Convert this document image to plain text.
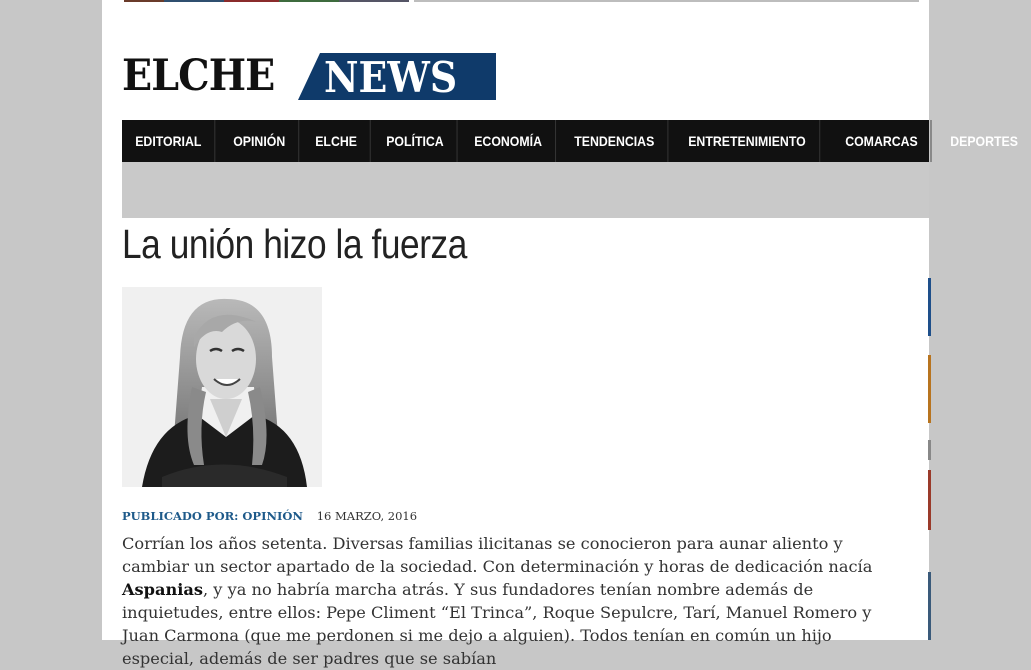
ELCHE NEWS
EDITORIAL	OPINIÓN	ELCHE	POLÍTICA	ECONOMÍA	TENDENCIAS	ENTRETENIMIENTO	COMARCAS	DEPORTES
La unión hizo la fuerza
PUBLICADO POR: OPINIÓN 16 MARZO, 2016

Corrían los años setenta. Diversas familias ilicitanas se conocieron para aunar aliento y cambiar un sector apartado de la sociedad. Con determinación y horas de dedicación nacía Aspanias, y ya no habría marcha atrás. Y sus fundadores tenían nombre además de inquietudes, entre ellos: Pepe Climent “El Trinca”, Roque Sepulcre, Tarí, Manuel Romero y Juan Carmona (que me perdonen si me dejo a alguien). Todos tenían en común un hijo especial, además de ser padres que se sabían
